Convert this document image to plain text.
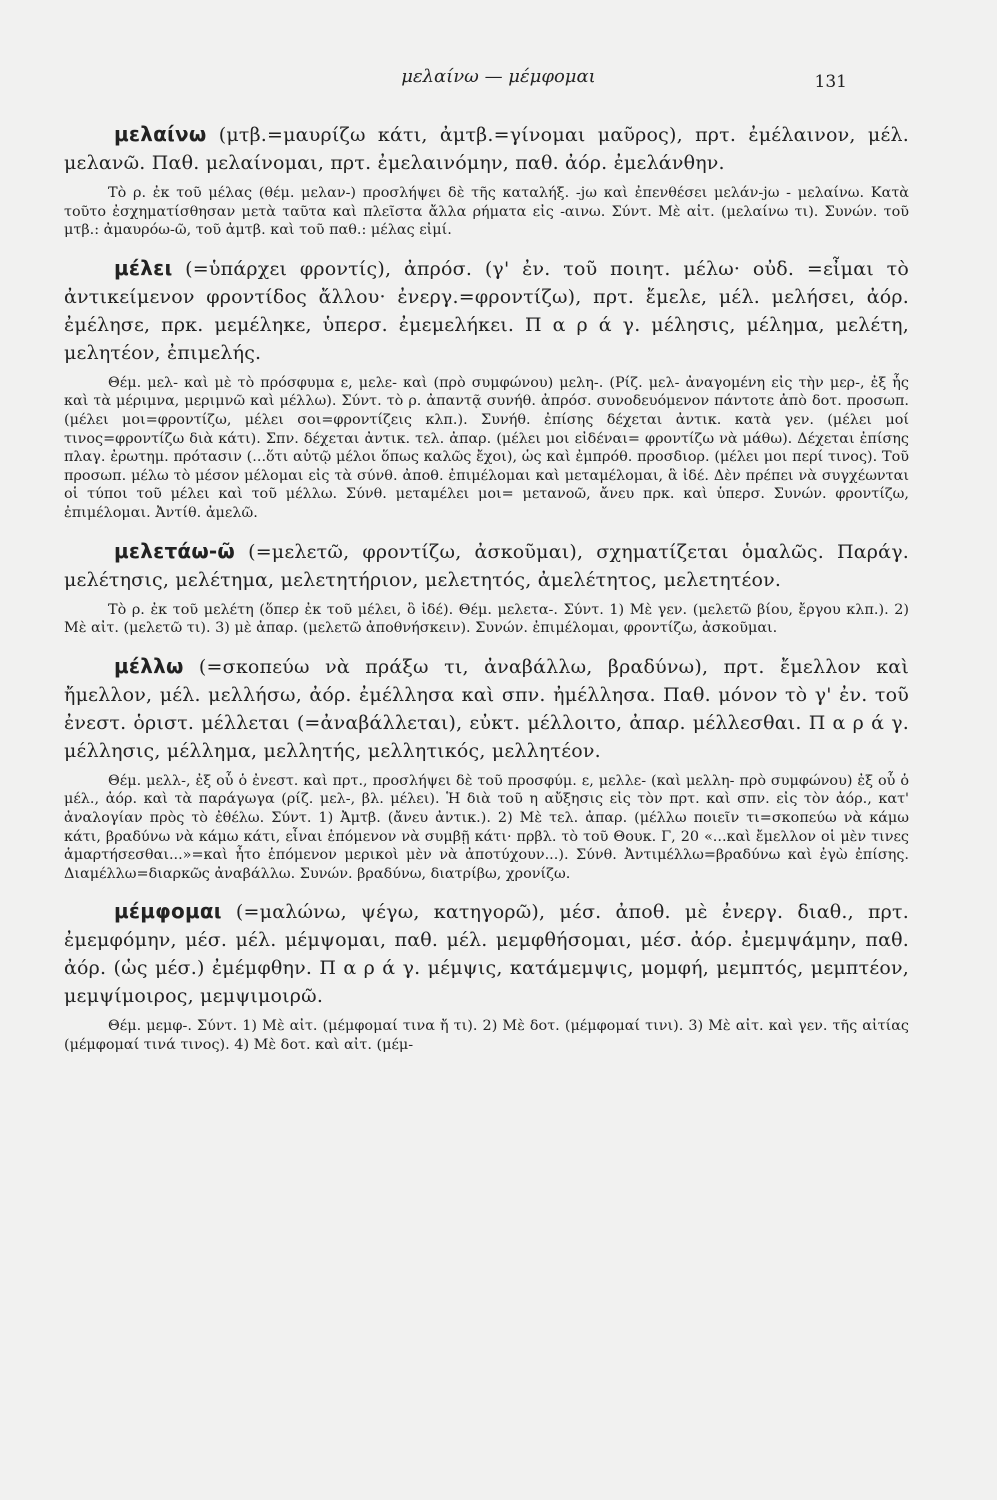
μελαίνω — μέμφομαι	131

μελαίνω (μτβ.=μαυρίζω κάτι, ἀμτβ.=γίνομαι μαῦρος), πρτ. ἐμέλαινον, μέλ. μελανῶ. Παθ. μελαίνομαι, πρτ. ἐμελαινόμην, παθ. ἀόρ. ἐμελάνθην.

Τὸ ρ. ἐκ τοῦ μέλας (θέμ. μελαν-) προσλήψει δὲ τῆς καταλήξ. -jω καὶ ἐπενθέσει μελάν-jω - μελαίνω. Κατὰ τοῦτο ἐσχηματίσθησαν μετὰ ταῦτα καὶ πλεῖστα ἄλλα ρήματα εἰς -αινω. Σύντ. Μὲ αἰτ. (μελαίνω τι). Συνών. τοῦ μτβ.: ἀμαυρόω-ῶ, τοῦ ἀμτβ. καὶ τοῦ παθ.: μέλας εἰμί.

μέλει (=ὑπάρχει φροντίς), ἀπρόσ. (γ' ἐν. τοῦ ποιητ. μέλω· οὐδ. =εἶμαι τὸ ἀντικείμενον φροντίδος ἄλλου· ἐνεργ.=φροντίζω), πρτ. ἔμελε, μέλ. μελήσει, ἀόρ. ἐμέλησε, πρκ. μεμέληκε, ὑπερσ. ἐμεμελήκει. Π α ρ ά γ. μέλησις, μέλημα, μελέτη, μελητέον, ἐπιμελής.

Θέμ. μελ- καὶ μὲ τὸ πρόσφυμα ε, μελε- καὶ (πρὸ συμφώνου) μελη-. (Ρίζ. μελ- ἀναγομένη εἰς τὴν μερ-, ἐξ ἧς καὶ τὰ μέριμνα, μεριμνῶ καὶ μέλλω). Σύντ. τὸ ρ. ἀπαντᾷ συνήθ. ἀπρόσ. συνοδευόμενον πάντοτε ἀπὸ δοτ. προσωπ. (μέλει μοι=φροντίζω, μέλει σοι=φροντίζεις κλπ.). Συνήθ. ἐπίσης δέχεται ἀντικ. κατὰ γεν. (μέλει μοί τινος=φροντίζω διὰ κάτι). Σπν. δέχεται ἀντικ. τελ. ἀπαρ. (μέλει μοι εἰδέναι= φροντίζω νὰ μάθω). Δέχεται ἐπίσης πλαγ. ἐρωτημ. πρότασιν (...ὅτι αὐτῷ μέλοι ὅπως καλῶς ἔχοι), ὡς καὶ ἐμπρόθ. προσδιορ. (μέλει μοι περί τινος). Τοῦ προσωπ. μέλω τὸ μέσον μέλομαι εἰς τὰ σύνθ. ἀποθ. ἐπιμέλομαι καὶ μεταμέλομαι, ἃ ἰδέ. Δὲν πρέπει νὰ συγχέωνται οἱ τύποι τοῦ μέλει καὶ τοῦ μέλλω. Σύνθ. μεταμέλει μοι= μετανοῶ, ἄνευ πρκ. καὶ ὑπερσ. Συνών. φροντίζω, ἐπιμέλομαι. Ἀντίθ. ἀμελῶ.

μελετάω-ῶ (=μελετῶ, φροντίζω, ἀσκοῦμαι), σχηματίζεται ὁμαλῶς. Παράγ. μελέτησις, μελέτημα, μελετητήριον, μελετητός, ἀμελέτητος, μελετητέον.

Τὸ ρ. ἐκ τοῦ μελέτη (ὅπερ ἐκ τοῦ μέλει, ὃ ἰδέ). Θέμ. μελετα-. Σύντ. 1) Μὲ γεν. (μελετῶ βίου, ἔργου κλπ.). 2) Μὲ αἰτ. (μελετῶ τι). 3) μὲ ἀπαρ. (μελετῶ ἀποθνήσκειν). Συνών. ἐπιμέλομαι, φροντίζω, ἀσκοῦμαι.

μέλλω (=σκοπεύω νὰ πράξω τι, ἀναβάλλω, βραδύνω), πρτ. ἔμελλον καὶ ἤμελλον, μέλ. μελλήσω, ἀόρ. ἐμέλλησα καὶ σπν. ἠμέλλησα. Παθ. μόνον τὸ γ' ἐν. τοῦ ἐνεστ. ὁριστ. μέλλεται (=ἀναβάλλεται), εὐκτ. μέλλοιτο, ἀπαρ. μέλλεσθαι. Π α ρ ά γ. μέλλησις, μέλλημα, μελλητής, μελλητικός, μελλητέον.

Θέμ. μελλ-, ἐξ οὗ ὁ ἐνεστ. καὶ πρτ., προσλήψει δὲ τοῦ προσφύμ. ε, μελλε- (καὶ μελλη- πρὸ συμφώνου) ἐξ οὗ ὁ μέλ., ἀόρ. καὶ τὰ παράγωγα (ρίζ. μελ-, βλ. μέλει). Ἡ διὰ τοῦ η αὔξησις εἰς τὸν πρτ. καὶ σπν. εἰς τὸν ἀόρ., κατ' ἀναλογίαν πρὸς τὸ ἐθέλω. Σύντ. 1) Ἀμτβ. (ἄνευ ἀντικ.). 2) Μὲ τελ. ἀπαρ. (μέλλω ποιεῖν τι=σκοπεύω νὰ κάμω κάτι, βραδύνω νὰ κάμω κάτι, εἶναι ἑπόμενον νὰ συμβῇ κάτι· πρβλ. τὸ τοῦ Θουκ. Γ, 20 «...καὶ ἔμελλον οἱ μὲν τινες ἁμαρτήσεσθαι...»=καὶ ἦτο ἑπόμενον μερικοὶ μὲν νὰ ἀποτύχουν...). Σύνθ. Ἀντιμέλλω=βραδύνω καὶ ἐγὼ ἐπίσης. Διαμέλλω=διαρκῶς ἀναβάλλω. Συνών. βραδύνω, διατρίβω, χρονίζω.

μέμφομαι (=μαλώνω, ψέγω, κατηγορῶ), μέσ. ἀποθ. μὲ ἐνεργ. διαθ., πρτ. ἐμεμφόμην, μέσ. μέλ. μέμψομαι, παθ. μέλ. μεμφθήσομαι, μέσ. ἀόρ. ἐμεμψάμην, παθ. ἀόρ. (ὡς μέσ.) ἐμέμφθην. Π α ρ ά γ. μέμψις, κατάμεμψις, μομφή, μεμπτός, μεμπτέον, μεμψίμοιρος, μεμψιμοιρῶ.

Θέμ. μεμφ-. Σύντ. 1) Μὲ αἰτ. (μέμφομαί τινα ἤ τι). 2) Μὲ δοτ. (μέμφομαί τινι). 3) Μὲ αἰτ. καὶ γεν. τῆς αἰτίας (μέμφομαί τινά τινος). 4) Μὲ δοτ. καὶ αἰτ. (μέμ-
